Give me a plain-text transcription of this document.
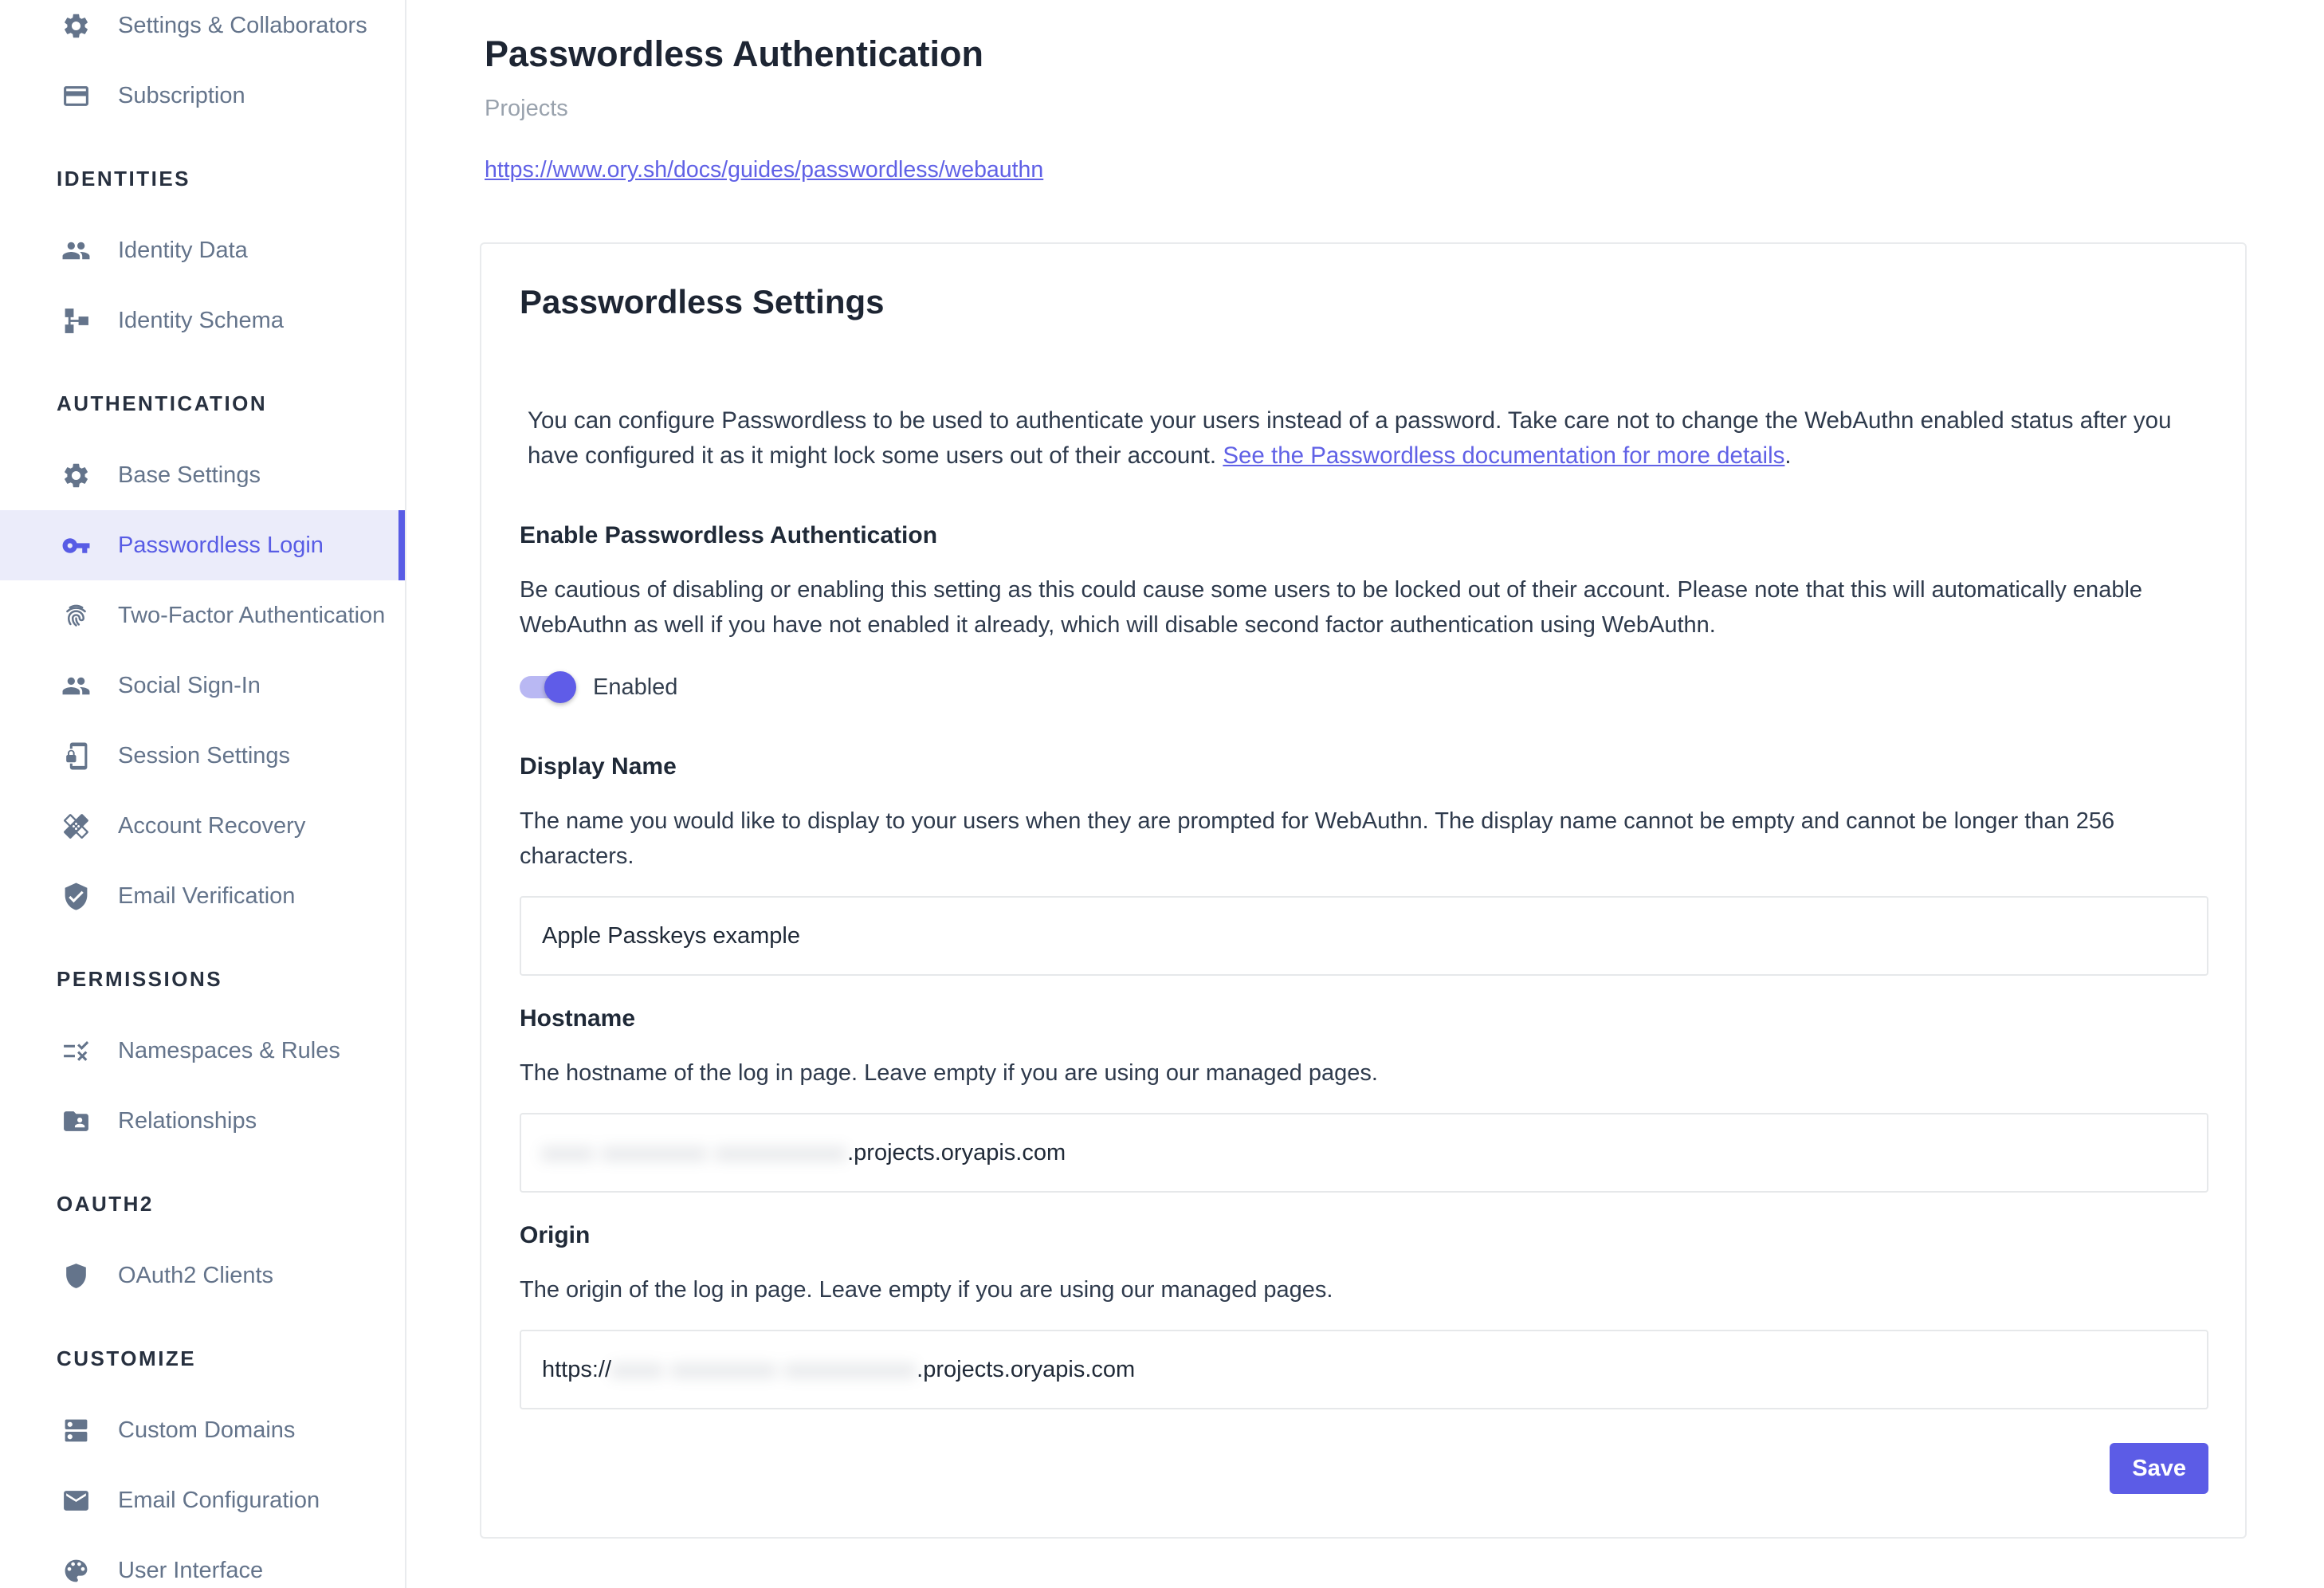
Settings & Collaborators
Subscription
IDENTITIES
Identity Data
Identity Schema
AUTHENTICATION
Base Settings
Passwordless Login
Two-Factor Authentication
Social Sign-In
Session Settings
Account Recovery
Email Verification
PERMISSIONS
Namespaces & Rules
Relationships
OAUTH2
OAuth2 Clients
CUSTOMIZE
Custom Domains
Email Configuration
User Interface
Passwordless Authentication
Projects
https://www.ory.sh/docs/guides/passwordless/webauthn
Passwordless Settings

You can configure Passwordless to be used to authenticate your users instead of a password. Take care not to change the WebAuthn enabled status after you have configured it as it might lock some users out of their account. See the Passwordless documentation for more details.

Enable Passwordless Authentication

Be cautious of disabling or enabling this setting as this could cause some users to be locked out of their account. Please note that this will automatically enable WebAuthn as well if you have not enabled it already, which will disable second factor authentication using WebAuthn.

Enabled
Display Name

The name you would like to display to your users when they are prompted for WebAuthn. The display name cannot be empty and cannot be longer than 256 characters.

Apple Passkeys example
Hostname

The hostname of the log in page. Leave empty if you are using our managed pages.

xxxx xxxxxxxx xxxxxxxxxx .projects.oryapis.com
Origin

The origin of the log in page. Leave empty if you are using our managed pages.

https:// xxxx xxxxxxxx xxxxxxxxxx .projects.oryapis.com
Save
